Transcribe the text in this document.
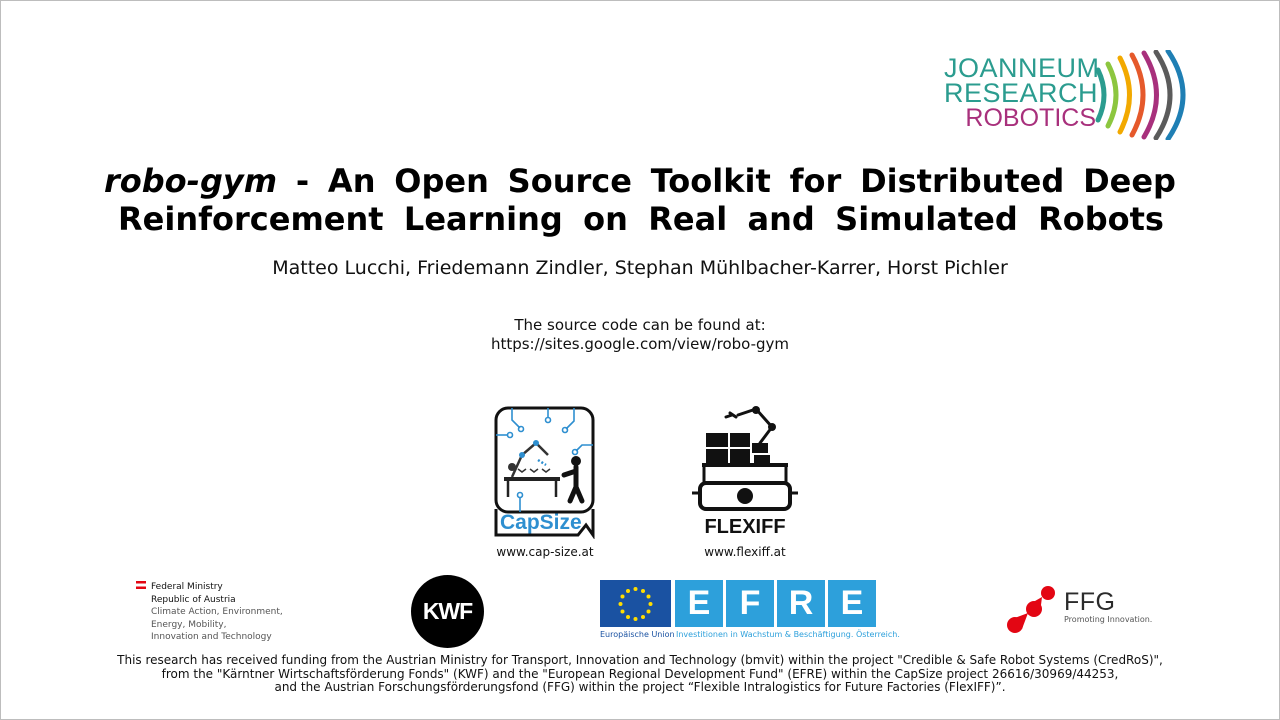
JOANNEUM
RESEARCH
ROBOTICS
robo-gym - An Open Source Toolkit for Distributed Deep
Reinforcement Learning on Real and Simulated Robots
Matteo Lucchi, Friedemann Zindler, Stephan Mühlbacher-Karrer, Horst Pichler
The source code can be found at:
https://sites.google.com/view/robo-gym
CapSize
www.cap-size.at
FLEXIFF
www.flexiff.at
Federal Ministry
Republic of Austria
Climate Action, Environment,
Energy, Mobility,
Innovation and Technology
KWF	E F R E
Europäische Union Investitionen in Wachstum & Beschäftigung. Österreich.
FFG
Promoting Innovation.
This research has received funding from the Austrian Ministry for Transport, Innovation and Technology (bmvit) within the project "Credible & Safe Robot Systems (CredRoS)",
from the "Kärntner Wirtschaftsförderung Fonds" (KWF) and the "European Regional Development Fund" (EFRE) within the CapSize project 26616/30969/44253,
and the Austrian Forschungsförderungsfond (FFG) within the project “Flexible Intralogistics for Future Factories (FlexIFF)”.
